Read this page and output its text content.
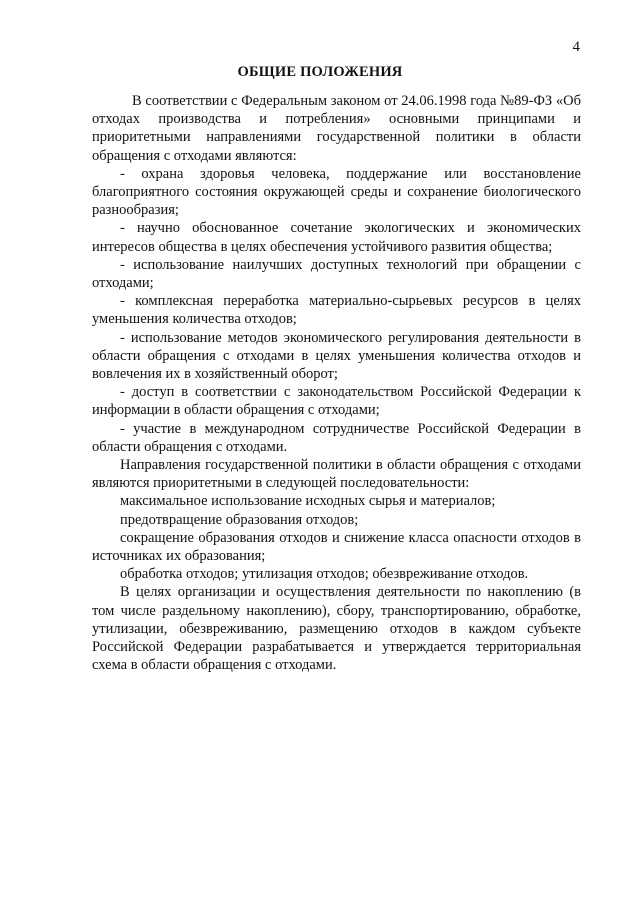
4
ОБЩИЕ ПОЛОЖЕНИЯ

В соответствии с Федеральным законом от 24.06.1998 года №89-ФЗ «Об отходах производства и потребления» основными принципами и приоритетными направлениями государственной политики в области обращения с отходами являются:

- охрана здоровья человека, поддержание или восстановление благоприятного состояния окружающей среды и сохранение биологического разнообразия;

- научно обоснованное сочетание экологических и экономических интересов общества в целях обеспечения устойчивого развития общества;

- использование наилучших доступных технологий при обращении с отходами;

- комплексная переработка материально-сырьевых ресурсов в целях уменьшения количества отходов;

- использование методов экономического регулирования деятельности в области обращения с отходами в целях уменьшения количества отходов и вовлечения их в хозяйственный оборот;

- доступ в соответствии с законодательством Российской Федерации к информации в области обращения с отходами;

- участие в международном сотрудничестве Российской Федерации в области обращения с отходами.

Направления государственной политики в области обращения с отходами являются приоритетными в следующей последовательности:

максимальное использование исходных сырья и материалов;

предотвращение образования отходов;

сокращение образования отходов и снижение класса опасности отходов в источниках их образования;

обработка отходов; утилизация отходов; обезвреживание отходов.

В целях организации и осуществления деятельности по накоплению (в том числе раздельному накоплению), сбору, транспортированию, обработке, утилизации, обезвреживанию, размещению отходов в каждом субъекте Российской Федерации разрабатывается и утверждается территориальная схема в области обращения с отходами.
